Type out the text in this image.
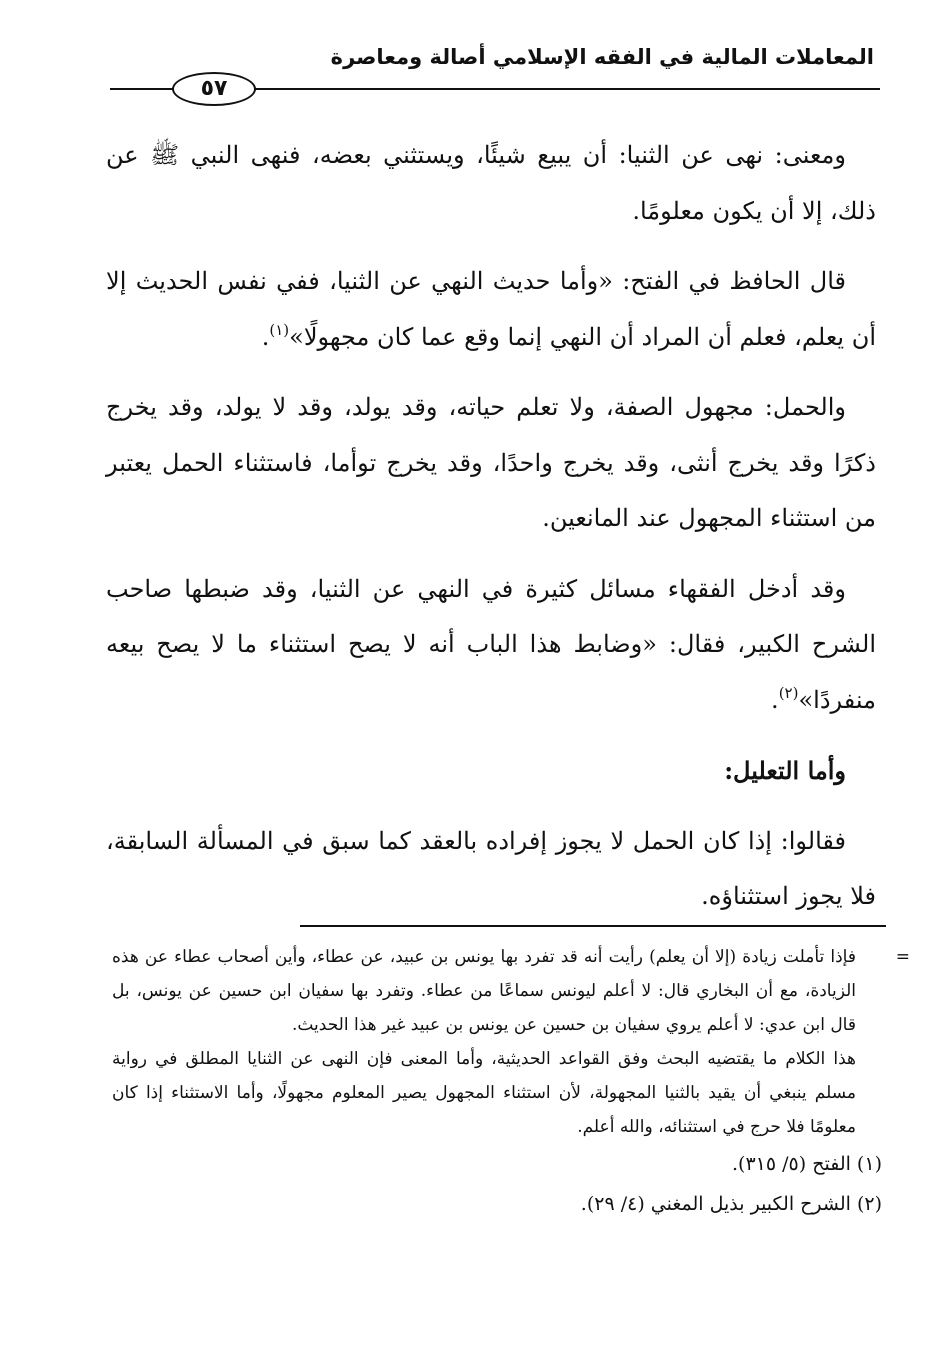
المعاملات المالية في الفقه الإسلامي أصالة ومعاصرة
٥٧

ومعنى: نهى عن الثنيا: أن يبيع شيئًا، ويستثني بعضه، فنهى النبي ﷺ عن ذلك، إلا أن يكون معلومًا.

قال الحافظ في الفتح: «وأما حديث النهي عن الثنيا، ففي نفس الحديث إلا أن يعلم، فعلم أن المراد أن النهي إنما وقع عما كان مجهولًا»$^{(١)}$.

والحمل: مجهول الصفة، ولا تعلم حياته، وقد يولد، وقد لا يولد، وقد يخرج ذكرًا وقد يخرج أنثى، وقد يخرج واحدًا، وقد يخرج توأما، فاستثناء الحمل يعتبر من استثناء المجهول عند المانعين.

وقد أدخل الفقهاء مسائل كثيرة في النهي عن الثنيا، وقد ضبطها صاحب الشرح الكبير، فقال: «وضابط هذا الباب أنه لا يصح استثناء ما لا يصح بيعه منفردًا»$^{(٢)}$.

وأما التعليل:

فقالوا: إذا كان الحمل لا يجوز إفراده بالعقد كما سبق في المسألة السابقة، فلا يجوز استثناؤه.

=
فإذا تأملت زيادة (إلا أن يعلم) رأيت أنه قد تفرد بها يونس بن عبيد، عن عطاء، وأين أصحاب عطاء عن هذه الزيادة، مع أن البخاري قال: لا أعلم ليونس سماعًا من عطاء. وتفرد بها سفيان ابن حسين عن يونس، بل قال ابن عدي: لا أعلم يروي سفيان بن حسين عن يونس بن عبيد غير هذا الحديث.

هذا الكلام ما يقتضيه البحث وفق القواعد الحديثية، وأما المعنى فإن النهى عن الثنايا المطلق في رواية مسلم ينبغي أن يقيد بالثنيا المجهولة، لأن استثناء المجهول يصير المعلوم مجهولًا، وأما الاستثناء إذا كان معلومًا فلا حرج في استثنائه، والله أعلم.

(١) الفتح (٥/ ٣١٥).

(٢) الشرح الكبير بذيل المغني (٤/ ٢٩).
